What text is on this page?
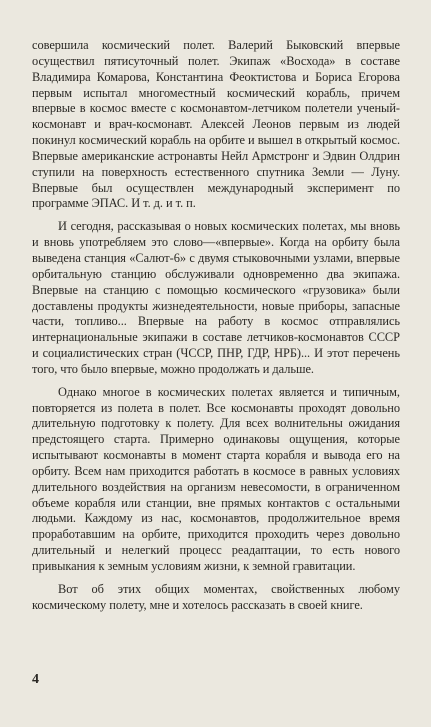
совершила космический полет. Валерий Быковский впервые осуществил пятисуточный полет. Экипаж «Восхода» в составе Владимира Комарова, Константина Феоктистова и Бориса Егорова первым испытал многоместный космический корабль, причем впервые в космос вместе с космонавтом-летчиком полетели ученый-космонавт и врач-космонавт. Алексей Леонов первым из людей покинул космический корабль на орбите и вышел в открытый космос. Впервые американские астронавты Нейл Армстронг и Эдвин Олдрин ступили на поверхность естественного спутника Земли — Луну. Впервые был осуществлен международный эксперимент по программе ЭПАС. И т. д. и т. п.

И сегодня, рассказывая о новых космических полетах, мы вновь и вновь употребляем это слово—«впервые». Когда на орбиту была выведена станция «Салют-6» с двумя стыковочными узлами, впервые орбитальную станцию обслуживали одновременно два экипажа. Впервые на станцию с помощью космического «грузовика» были доставлены продукты жизнедеятельности, новые приборы, запасные части, топливо... Впервые на работу в космос отправлялись интернациональные экипажи в составе летчиков-космонавтов СССР и социалистических стран (ЧССР, ПНР, ГДР, НРБ)... И этот перечень того, что было впервые, можно продолжать и дальше.

Однако многое в космических полетах является и типичным, повторяется из полета в полет. Все космонавты проходят довольно длительную подготовку к полету. Для всех волнительны ожидания предстоящего старта. Примерно одинаковы ощущения, которые испытывают космонавты в момент старта корабля и вывода его на орбиту. Всем нам приходится работать в космосе в равных условиях длительного воздействия на организм невесомости, в ограниченном объеме корабля или станции, вне прямых контактов с остальными людьми. Каждому из нас, космонавтов, продолжительное время проработавшим на орбите, приходится проходить через довольно длительный и нелегкий процесс реадаптации, то есть нового привыкания к земным условиям жизни, к земной гравитации.

Вот об этих общих моментах, свойственных любому космическому полету, мне и хотелось рассказать в своей книге.

4
